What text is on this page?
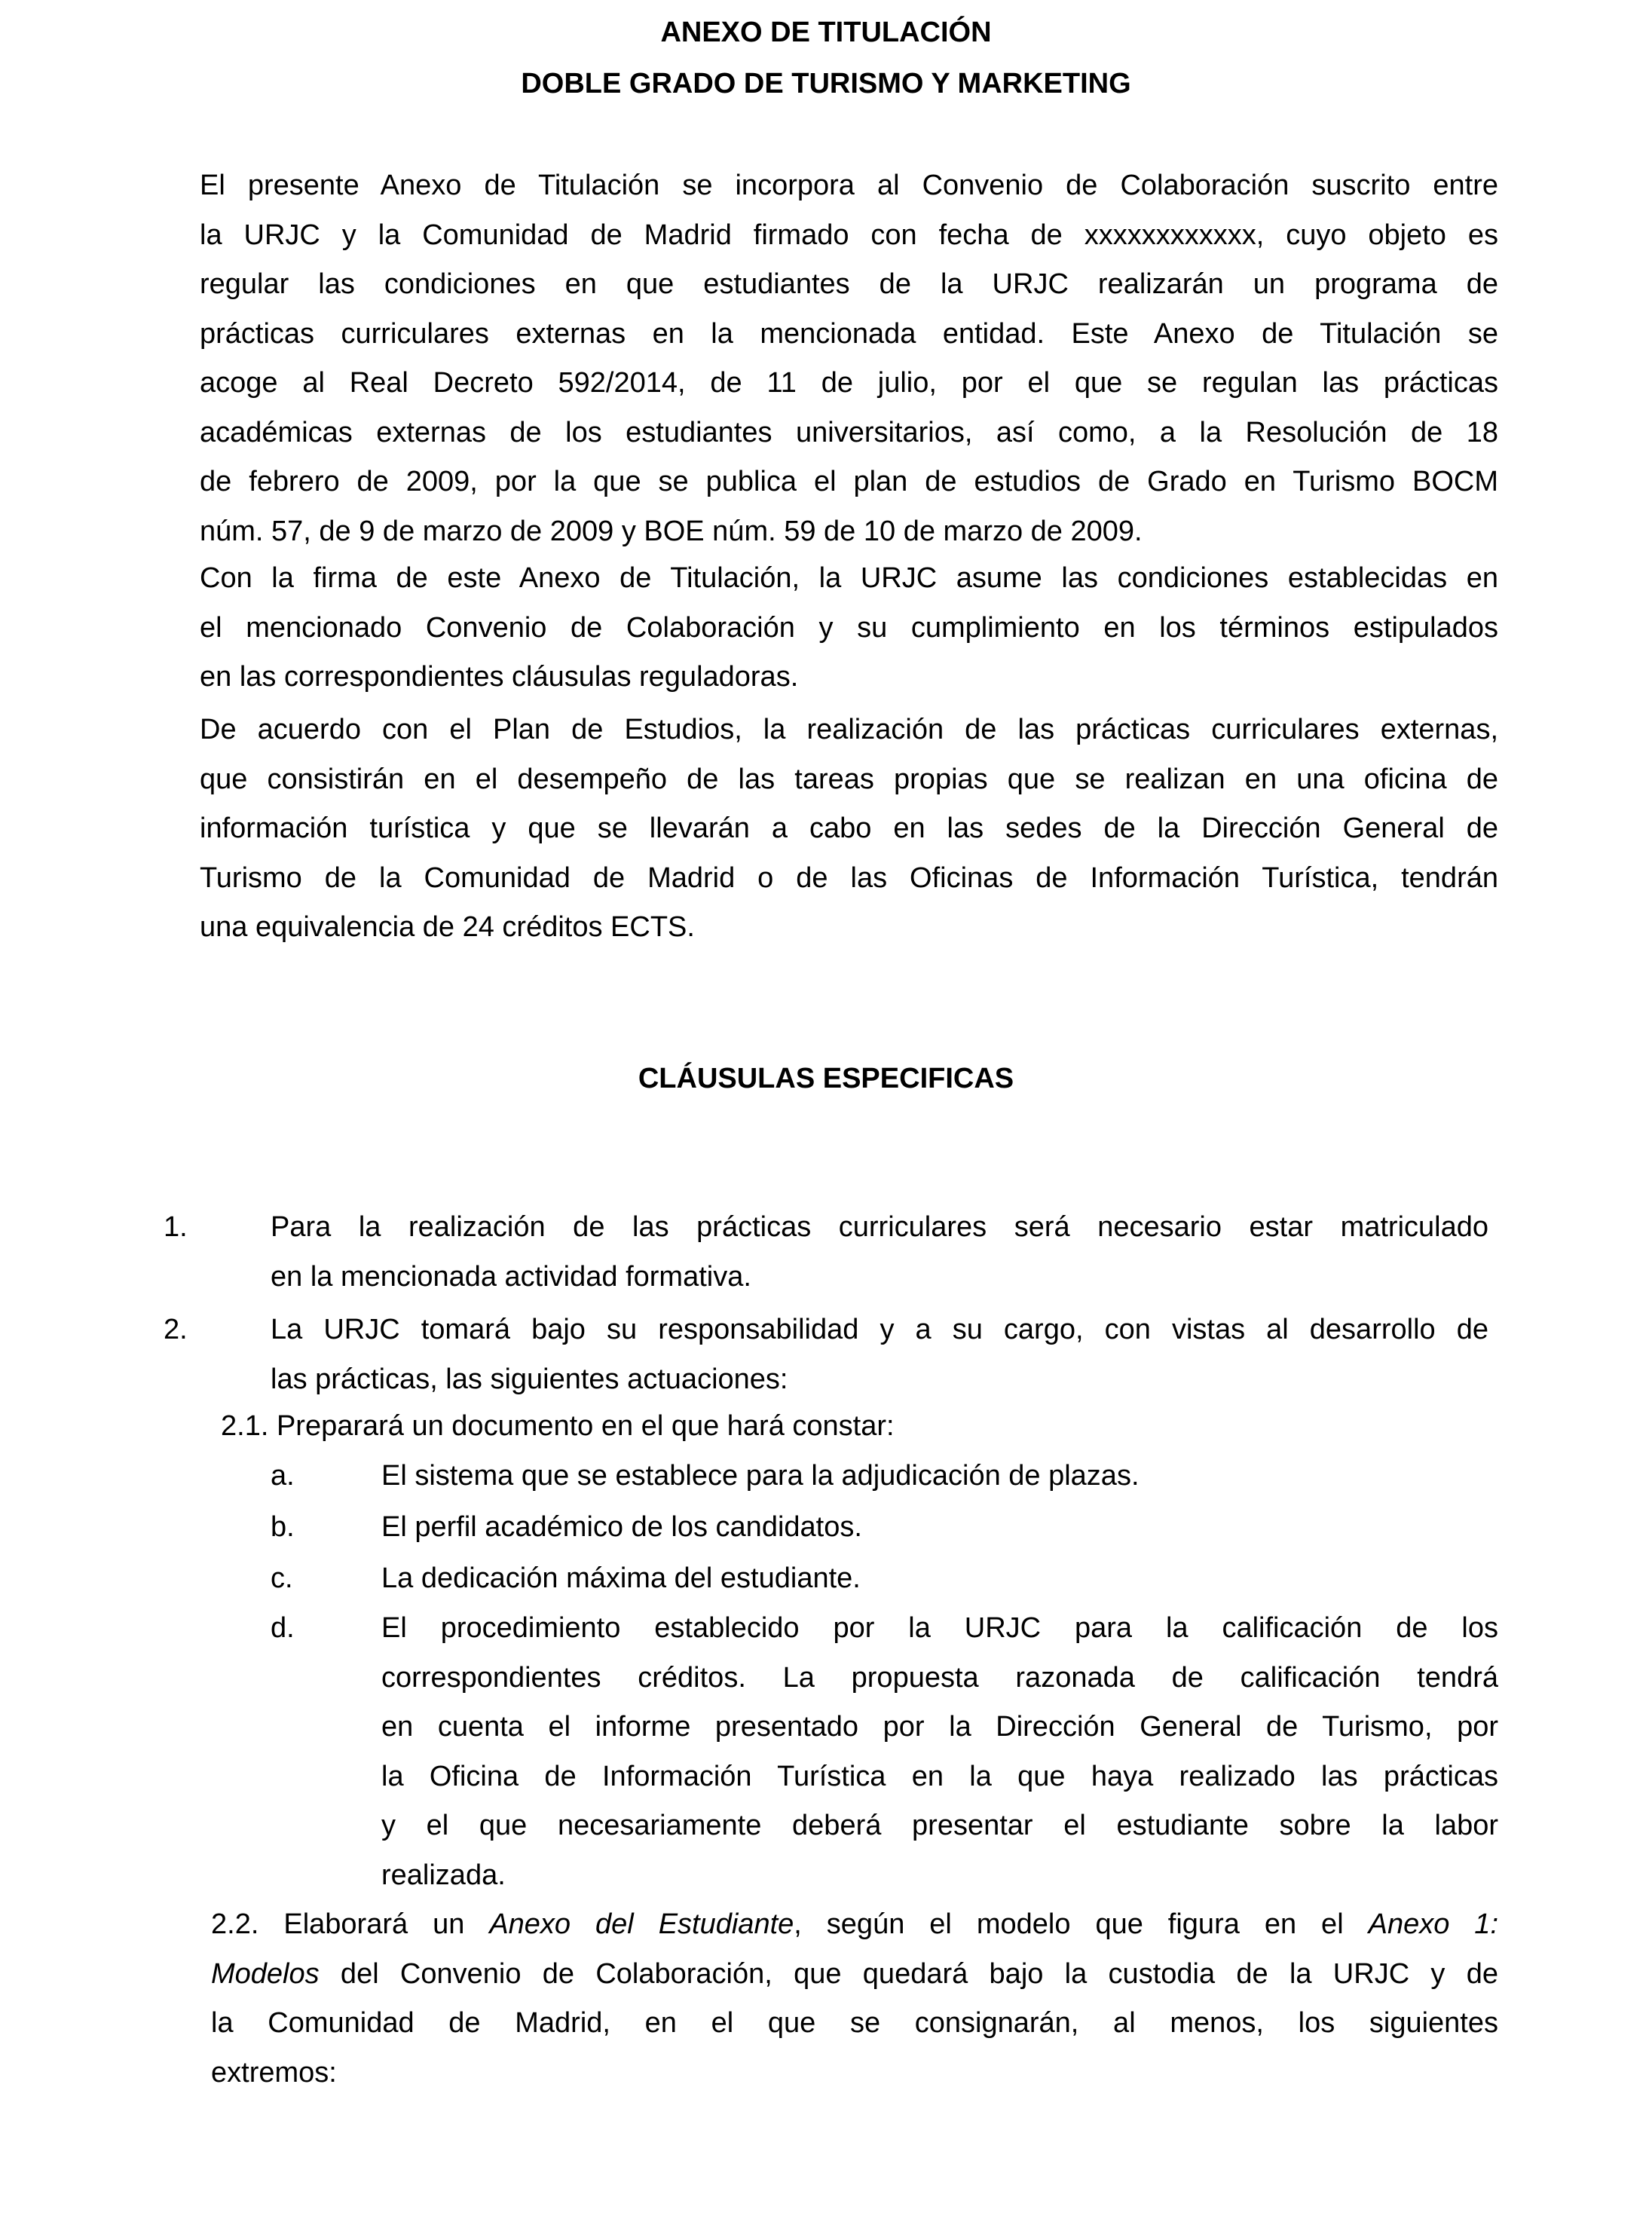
ANEXO DE TITULACIÓN
DOBLE GRADO DE TURISMO Y MARKETING
El presente Anexo de Titulación se incorpora al Convenio de Colaboración suscrito entre
la URJC y la Comunidad de Madrid firmado con fecha de xxxxxxxxxxxx, cuyo objeto es
regular las condiciones en que estudiantes de la URJC realizarán un programa de
prácticas curriculares externas en la mencionada entidad. Este Anexo de Titulación se
acoge al Real Decreto 592/2014, de 11 de julio, por el que se regulan las prácticas
académicas externas de los estudiantes universitarios, así como, a la Resolución de 18
de febrero de 2009, por la que se publica el plan de estudios de Grado en Turismo BOCM
núm. 57, de 9 de marzo de 2009 y BOE núm. 59 de 10 de marzo de 2009.
Con la firma de este Anexo de Titulación, la URJC asume las condiciones establecidas en
el mencionado Convenio de Colaboración y su cumplimiento en los términos estipulados
en las correspondientes cláusulas reguladoras.
De acuerdo con el Plan de Estudios, la realización de las prácticas curriculares externas,
que consistirán en el desempeño de las tareas propias que se realizan en una oficina de
información turística y que se llevarán a cabo en las sedes de la Dirección General de
Turismo de la Comunidad de Madrid o de las Oficinas de Información Turística, tendrán
una equivalencia de 24 créditos ECTS.
CLÁUSULAS ESPECIFICAS
1.	Para la realización de las prácticas curriculares será necesario estar matriculado
en la mencionada actividad formativa.
2.	La URJC tomará bajo su responsabilidad y a su cargo, con vistas al desarrollo de
las prácticas, las siguientes actuaciones:
2.1. Preparará un documento en el que hará constar:
a.	El sistema que se establece para la adjudicación de plazas.
b.	El perfil académico de los candidatos.
c.	La dedicación máxima del estudiante.
d.	El procedimiento establecido por la URJC para la calificación de los
correspondientes créditos. La propuesta razonada de calificación tendrá
en cuenta el informe presentado por la Dirección General de Turismo, por
la Oficina de Información Turística en la que haya realizado las prácticas
y el que necesariamente deberá presentar el estudiante sobre la labor
realizada.
2.2. Elaborará un Anexo del Estudiante, según el modelo que figura en el Anexo 1:
Modelos del Convenio de Colaboración, que quedará bajo la custodia de la URJC y de
la Comunidad de Madrid, en el que se consignarán, al menos, los siguientes
extremos:
